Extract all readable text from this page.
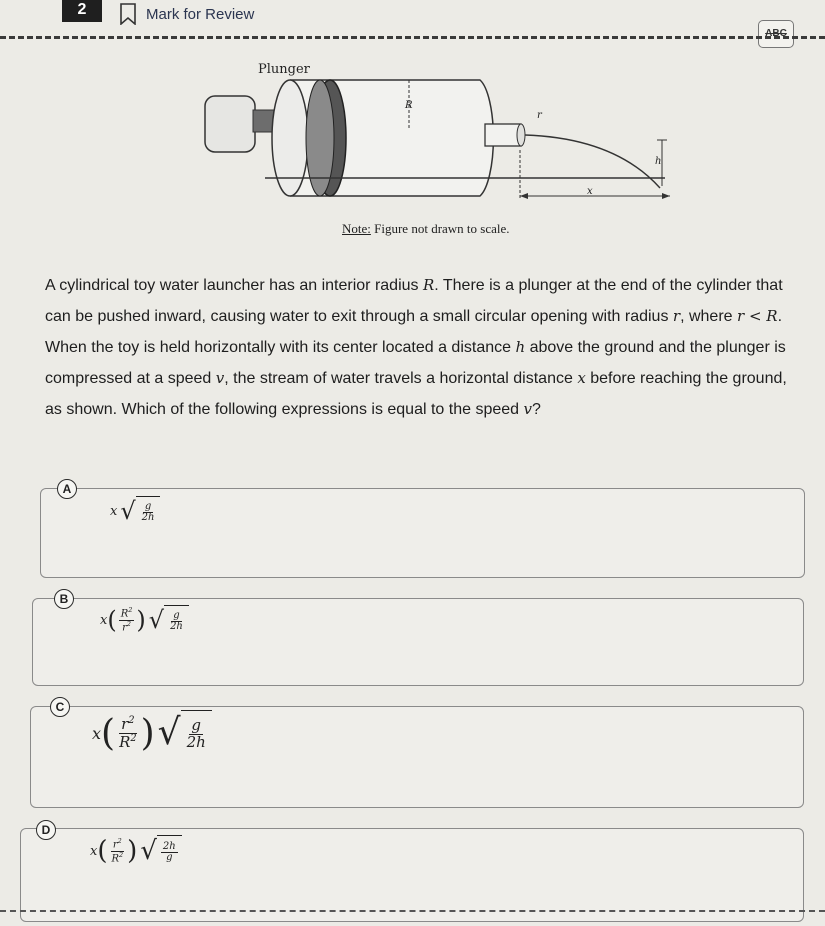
2	Mark for Review
ABC
Plunger
R
r
h
x
Note: Figure not drawn to scale.
A cylindrical toy water launcher has an interior radius R. There is a plunger at the end of the cylinder that can be pushed inward, causing water to exit through a small circular opening with radius r, where r < R. When the toy is held horizontally with its center located a distance h above the ground and the plunger is compressed at a speed v, the stream of water travels a horizontal distance x before reaching the ground, as shown. Which of the following expressions is equal to the speed v?
A
x √ $\frac{g}{2h}$
B
x ( $\frac{R^2}{r^2}$ ) √ $\frac{g}{2h}$
C
x ( $\frac{r^2}{R^2}$ ) √ $\frac{g}{2h}$
D
x ( $\frac{r^2}{R^2}$ ) √ $\frac{2h}{g}$
